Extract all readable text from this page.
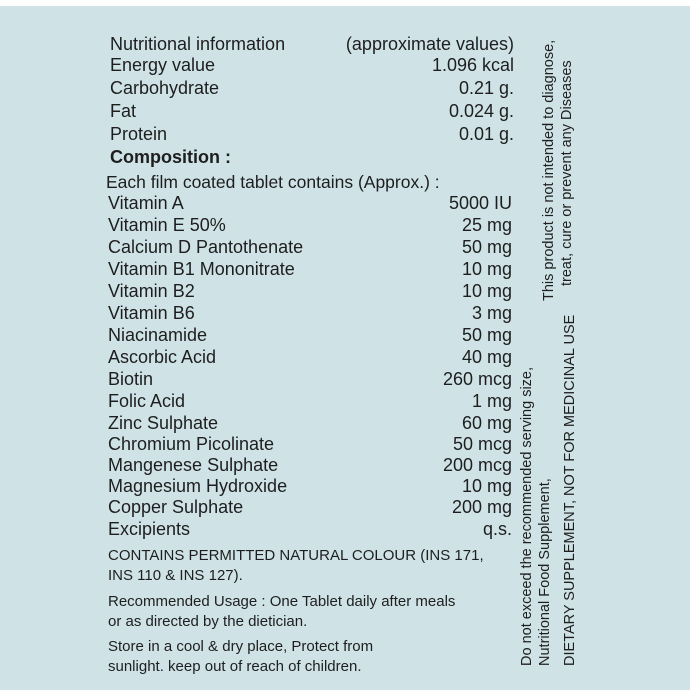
Nutritional information	(approximate values)
Energy value	1.096 kcal
Carbohydrate	0.21 g.
Fat	0.024 g.
Protein	0.01 g.
Composition :
Each film coated tablet contains (Approx.) :
Vitamin A	5000 IU
Vitamin E 50%	25 mg
Calcium D Pantothenate	50 mg
Vitamin B1 Mononitrate	10 mg
Vitamin B2	10 mg
Vitamin B6	3 mg
Niacinamide	50 mg
Ascorbic Acid	40 mg
Biotin	260 mcg
Folic Acid	1 mg
Zinc Sulphate	60 mg
Chromium Picolinate	50 mcg
Mangenese Sulphate	200 mcg
Magnesium Hydroxide	10 mg
Copper Sulphate	200 mg
Excipients	q.s.
CONTAINS PERMITTED NATURAL COLOUR (INS 171,
INS 110 & INS 127).
Recommended Usage : One Tablet daily after meals
or as directed by the dietician.
Store in a cool & dry place, Protect from
sunlight. keep out of reach of children.
This product is not intended to diagnose, treat, cure or prevent any Diseases
Do not exceed the recommended serving size, Nutritional Food Supplement, DIETARY SUPPLEMENT, NOT FOR MEDICINAL USE
